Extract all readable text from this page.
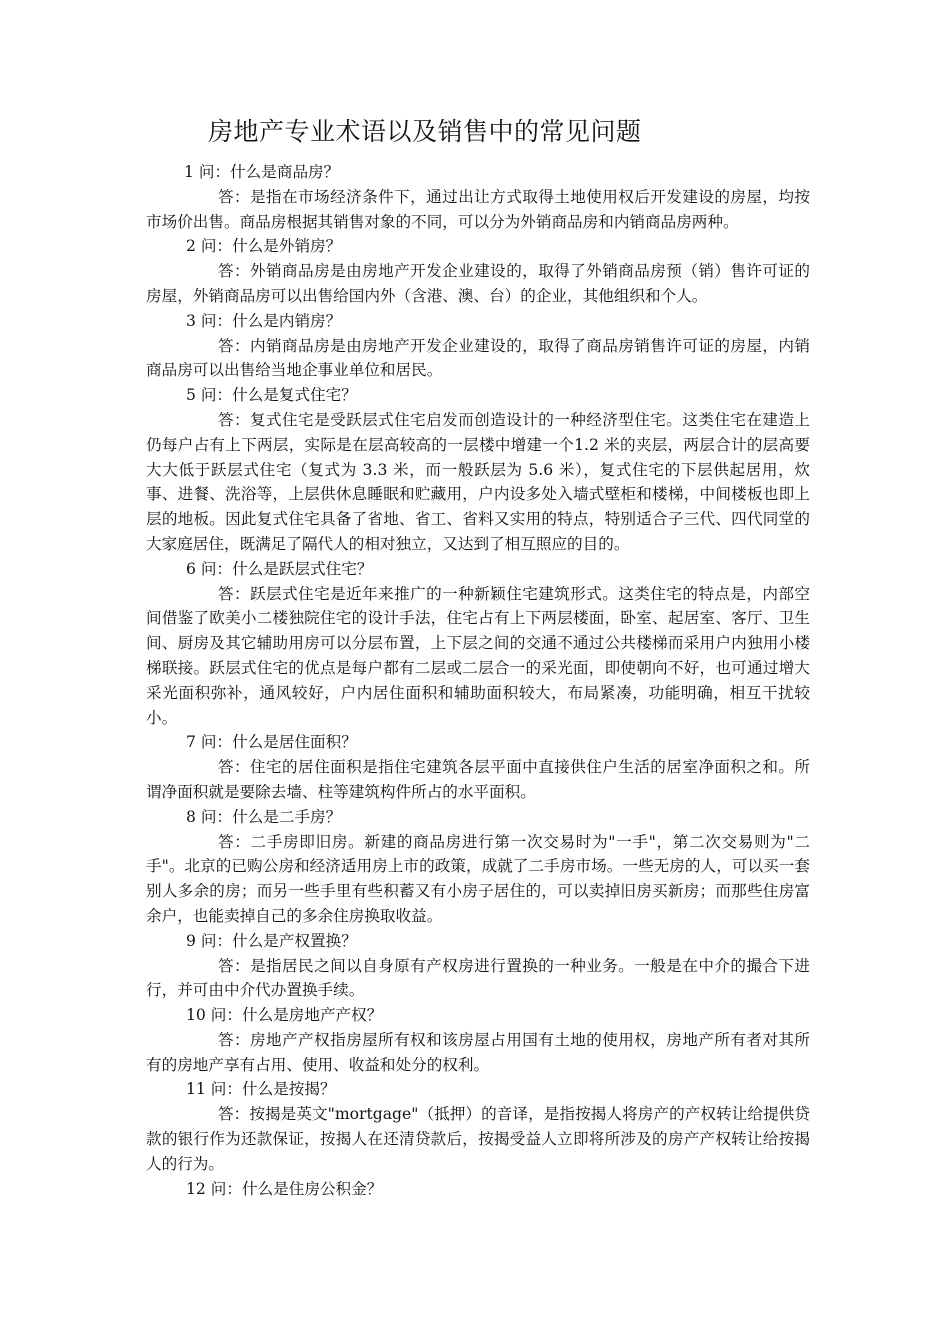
房地产专业术语以及销售中的常见问题

1 问：什么是商品房？

答：是指在市场经济条件下，通过出让方式取得土地使用权后开发建设的房屋，均按市场价出售。商品房根据其销售对象的不同，可以分为外销商品房和内销商品房两种。

2 问：什么是外销房？

答：外销商品房是由房地产开发企业建设的，取得了外销商品房预（销）售许可证的房屋，外销商品房可以出售给国内外（含港、澳、台）的企业，其他组织和个人。

3 问：什么是内销房？

答：内销商品房是由房地产开发企业建设的，取得了商品房销售许可证的房屋，内销商品房可以出售给当地企事业单位和居民。

5 问：什么是复式住宅？

答：复式住宅是受跃层式住宅启发而创造设计的一种经济型住宅。这类住宅在建造上仍每户占有上下两层，实际是在层高较高的一层楼中增建一个1.2 米的夹层，两层合计的层高要大大低于跃层式住宅（复式为 3.3 米，而一般跃层为 5.6 米），复式住宅的下层供起居用，炊事、进餐、洗浴等，上层供休息睡眠和贮藏用，户内设多处入墙式壁柜和楼梯，中间楼板也即上层的地板。因此复式住宅具备了省地、省工、省料又实用的特点，特别适合子三代、四代同堂的大家庭居住，既满足了隔代人的相对独立，又达到了相互照应的目的。

6 问：什么是跃层式住宅？

答：跃层式住宅是近年来推广的一种新颖住宅建筑形式。这类住宅的特点是，内部空间借鉴了欧美小二楼独院住宅的设计手法，住宅占有上下两层楼面，卧室、起居室、客厅、卫生间、厨房及其它辅助用房可以分层布置，上下层之间的交通不通过公共楼梯而采用户内独用小楼梯联接。跃层式住宅的优点是每户都有二层或二层合一的采光面，即使朝向不好，也可通过增大采光面积弥补，通风较好，户内居住面积和辅助面积较大，布局紧凑，功能明确，相互干扰较小。

7 问：什么是居住面积？

答：住宅的居住面积是指住宅建筑各层平面中直接供住户生活的居室净面积之和。所谓净面积就是要除去墙、柱等建筑构件所占的水平面积。

8 问：什么是二手房？

答：二手房即旧房。新建的商品房进行第一次交易时为"一手"，第二次交易则为"二手"。北京的已购公房和经济适用房上市的政策，成就了二手房市场。一些无房的人，可以买一套别人多余的房；而另一些手里有些积蓄又有小房子居住的，可以卖掉旧房买新房；而那些住房富余户，也能卖掉自己的多余住房换取收益。

9 问：什么是产权置换？

答：是指居民之间以自身原有产权房进行置换的一种业务。一般是在中介的撮合下进行，并可由中介代办置换手续。

10 问：什么是房地产产权？

答：房地产产权指房屋所有权和该房屋占用国有土地的使用权，房地产所有者对其所有的房地产享有占用、使用、收益和处分的权利。

11 问：什么是按揭？

答：按揭是英文"mortgage"（抵押）的音译，是指按揭人将房产的产权转让给提供贷款的银行作为还款保证，按揭人在还清贷款后，按揭受益人立即将所涉及的房产产权转让给按揭人的行为。

12 问：什么是住房公积金？
